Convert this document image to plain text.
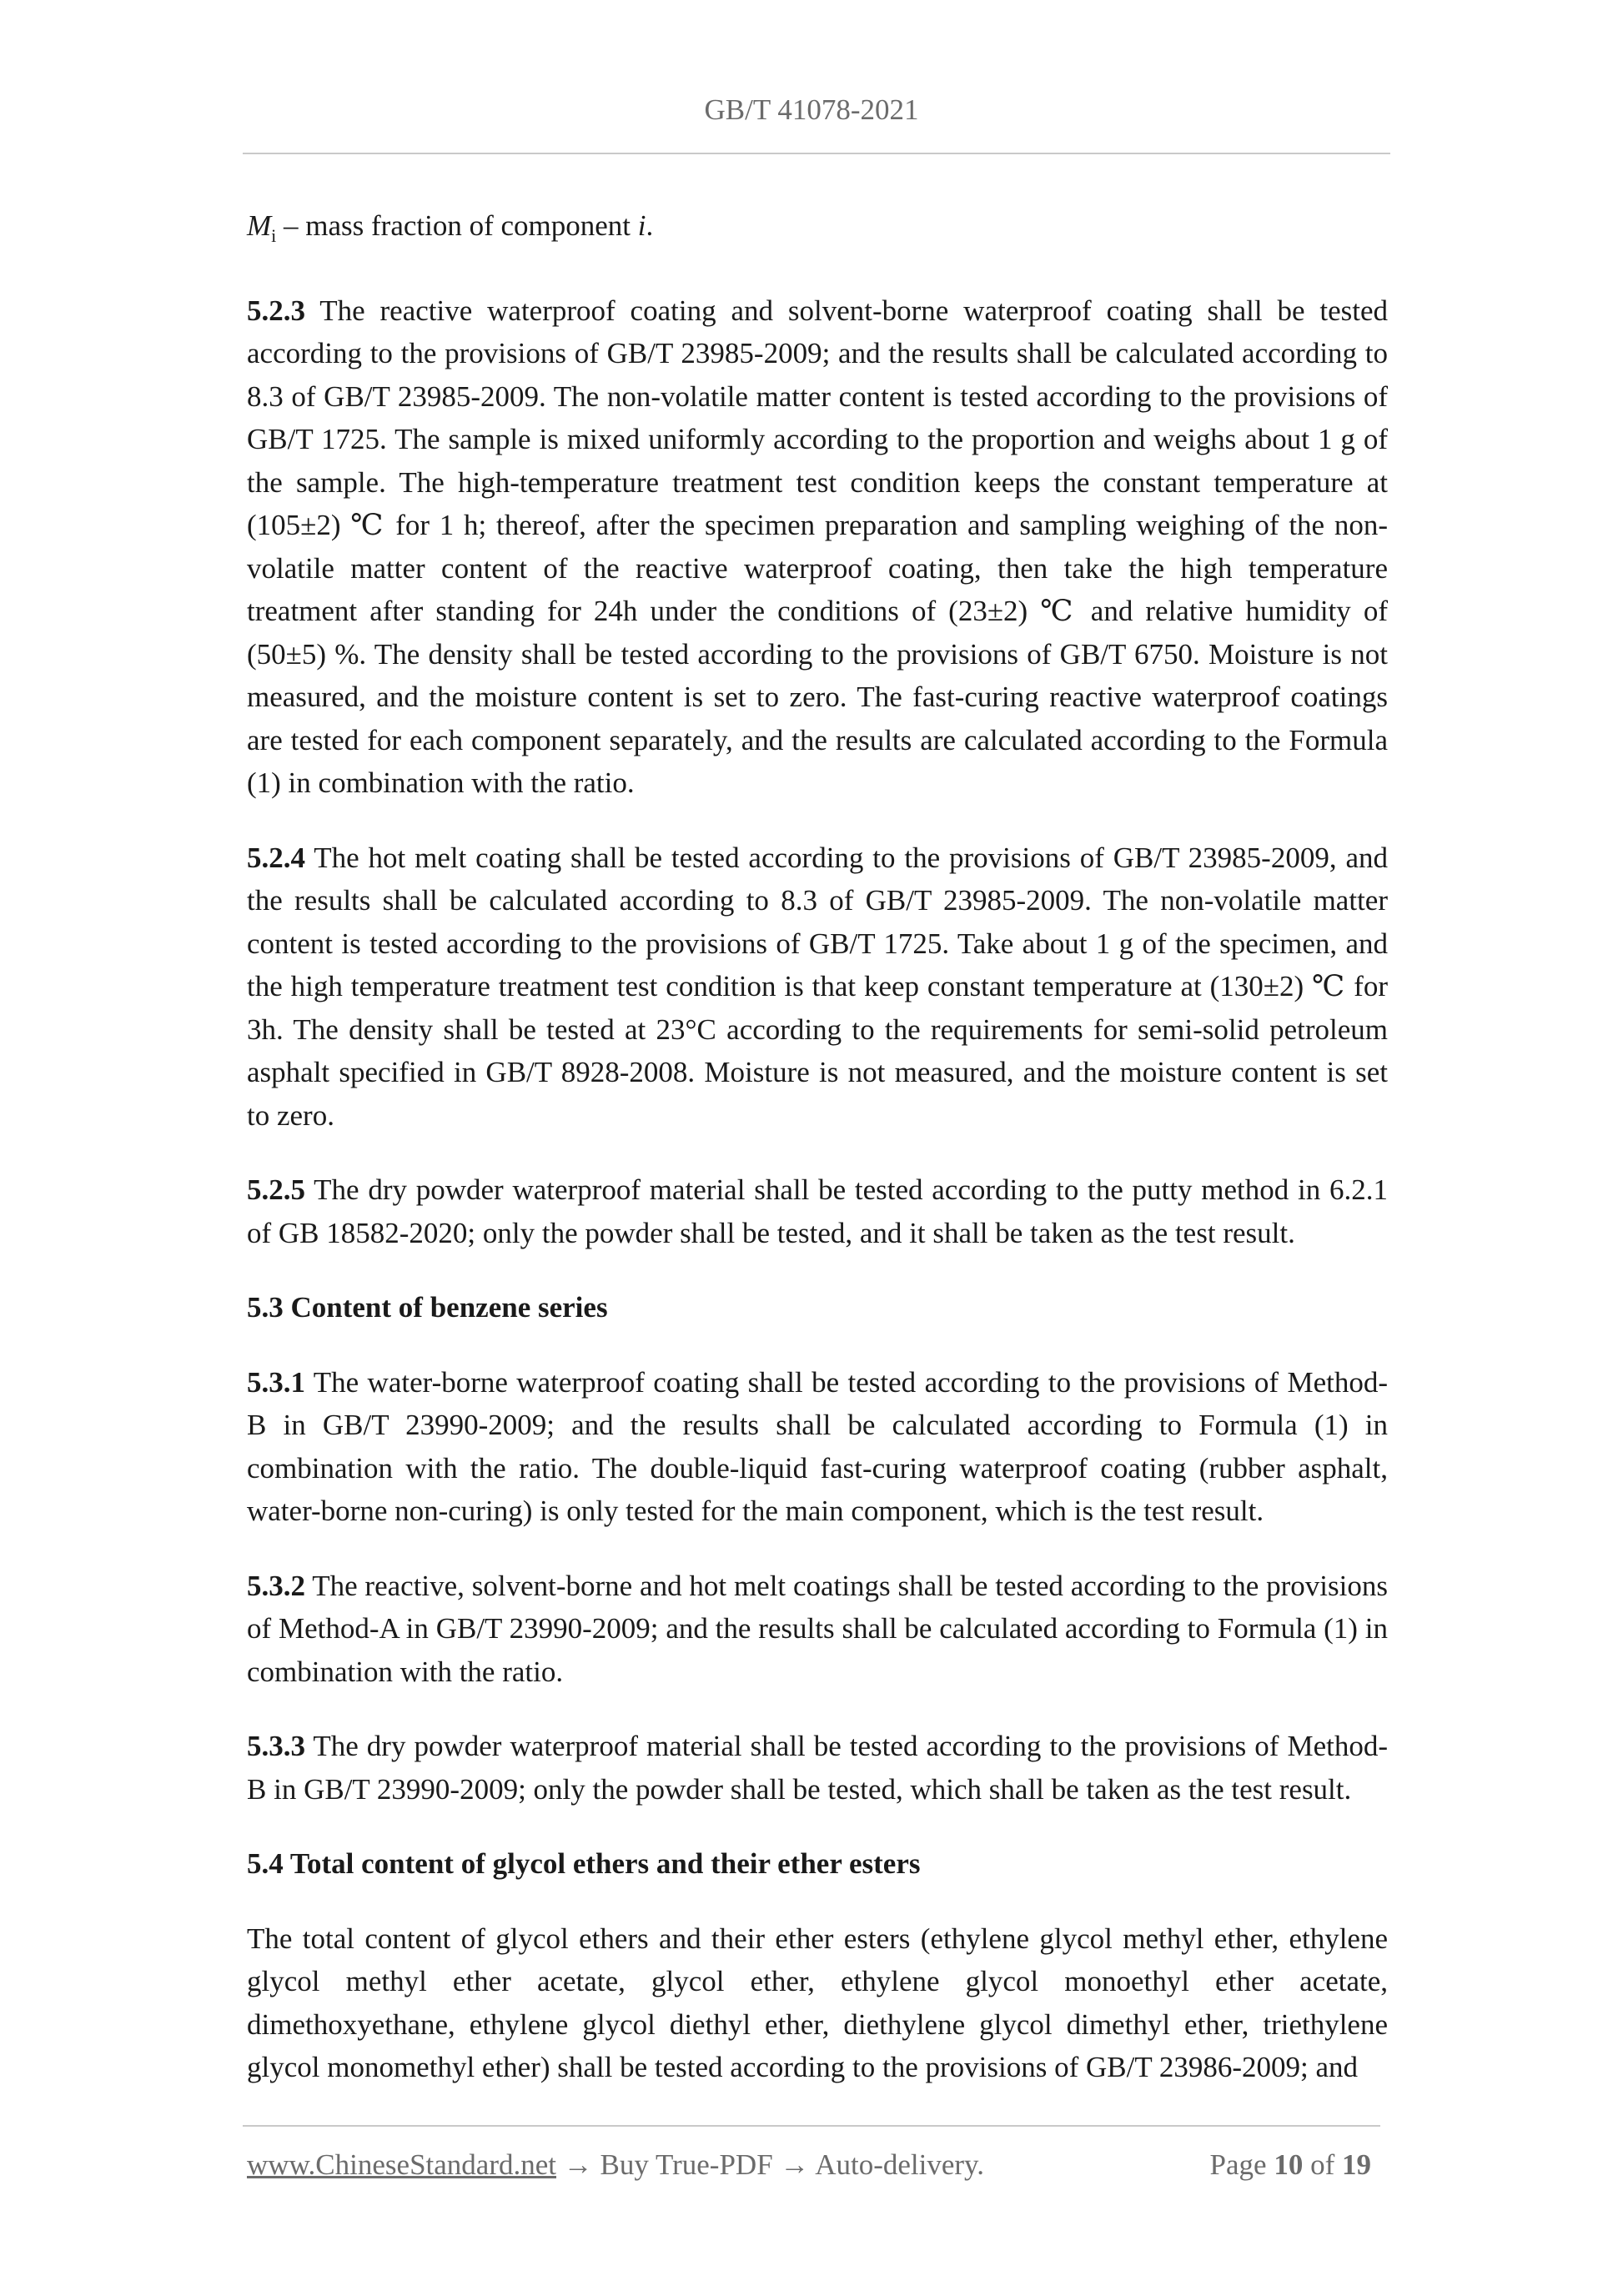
GB/T 41078-2021

$M_i$ – mass fraction of component i.

5.2.3 The reactive waterproof coating and solvent-borne waterproof coating shall be tested according to the provisions of GB/T 23985-2009; and the results shall be calculated according to 8.3 of GB/T 23985-2009. The non-volatile matter content is tested according to the provisions of GB/T 1725. The sample is mixed uniformly according to the proportion and weighs about 1 g of the sample. The high-temperature treatment test condition keeps the constant temperature at (105±2) ℃ for 1 h; thereof, after the specimen preparation and sampling weighing of the non-volatile matter content of the reactive waterproof coating, then take the high temperature treatment after standing for 24h under the conditions of (23±2) ℃ and relative humidity of (50±5) %. The density shall be tested according to the provisions of GB/T 6750. Moisture is not measured, and the moisture content is set to zero. The fast-curing reactive waterproof coatings are tested for each component separately, and the results are calculated according to the Formula (1) in combination with the ratio.

5.2.4 The hot melt coating shall be tested according to the provisions of GB/T 23985-2009, and the results shall be calculated according to 8.3 of GB/T 23985-2009. The non-volatile matter content is tested according to the provisions of GB/T 1725. Take about 1 g of the specimen, and the high temperature treatment test condition is that keep constant temperature at (130±2) ℃ for 3h. The density shall be tested at 23°C according to the requirements for semi-solid petroleum asphalt specified in GB/T 8928-2008. Moisture is not measured, and the moisture content is set to zero.

5.2.5 The dry powder waterproof material shall be tested according to the putty method in 6.2.1 of GB 18582-2020; only the powder shall be tested, and it shall be taken as the test result.

5.3 Content of benzene series

5.3.1 The water-borne waterproof coating shall be tested according to the provisions of Method-B in GB/T 23990-2009; and the results shall be calculated according to Formula (1) in combination with the ratio. The double-liquid fast-curing waterproof coating (rubber asphalt, water-borne non-curing) is only tested for the main component, which is the test result.

5.3.2 The reactive, solvent-borne and hot melt coatings shall be tested according to the provisions of Method-A in GB/T 23990-2009; and the results shall be calculated according to Formula (1) in combination with the ratio.

5.3.3 The dry powder waterproof material shall be tested according to the provisions of Method-B in GB/T 23990-2009; only the powder shall be tested, which shall be taken as the test result.

5.4 Total content of glycol ethers and their ether esters

The total content of glycol ethers and their ether esters (ethylene glycol methyl ether, ethylene glycol methyl ether acetate, glycol ether, ethylene glycol monoethyl ether acetate, dimethoxyethane, ethylene glycol diethyl ether, diethylene glycol dimethyl ether, triethylene glycol monomethyl ether) shall be tested according to the provisions of GB/T 23986-2009; and

www.ChineseStandard.net → Buy True-PDF → Auto-delivery.	Page 10 of 19
